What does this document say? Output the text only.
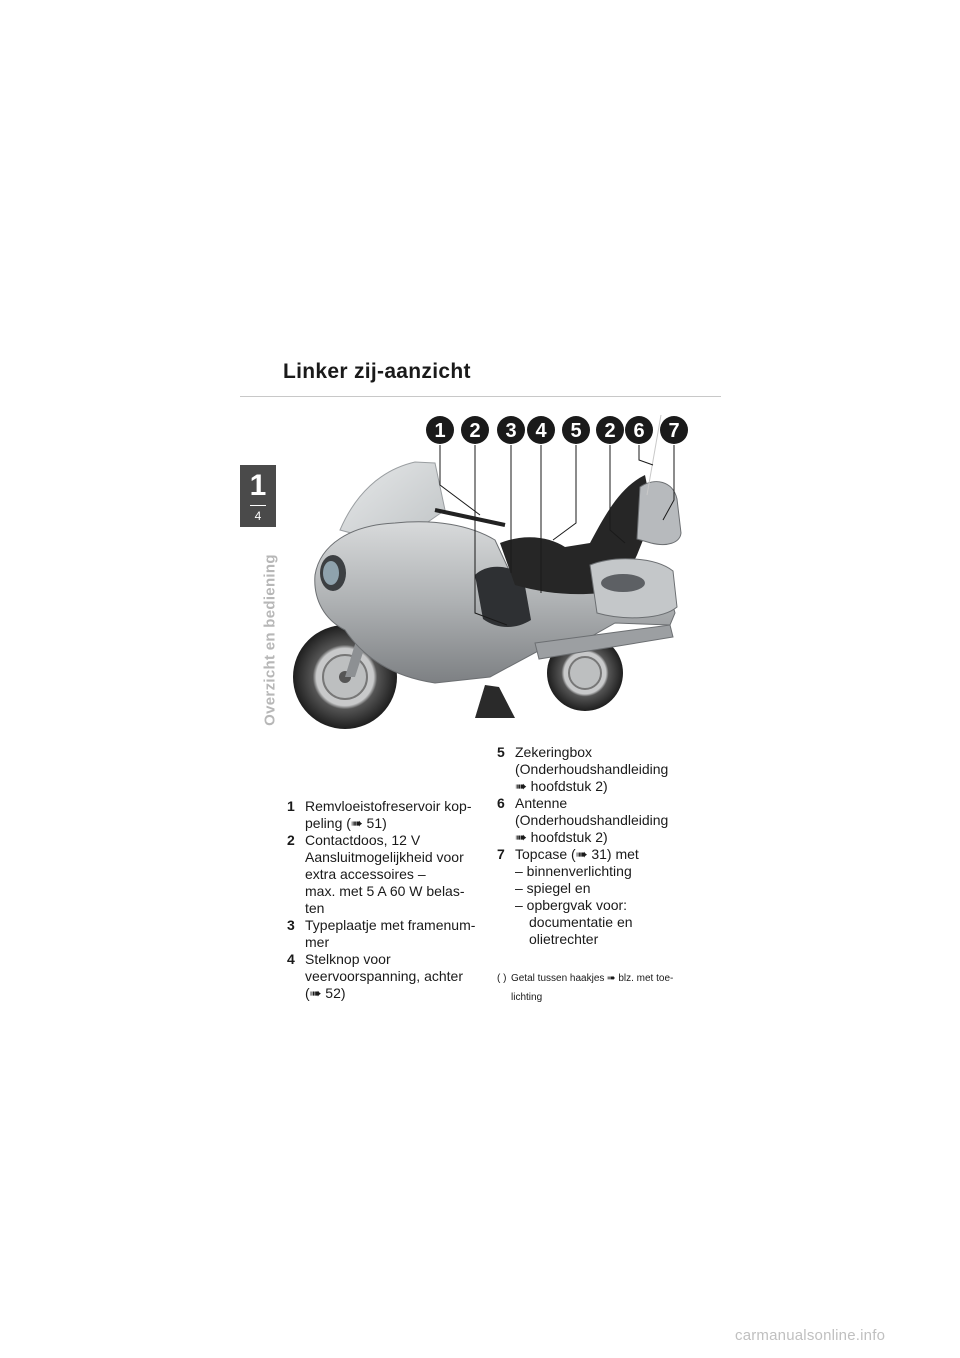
Linker zij-aanzicht
1
4
Overzicht en bediening
1 2 3 4 5 2 6 7
1 Remvloeistofreservoir kop-
peling (➠ 51)
2 Contactdoos, 12 V
Aansluitmogelijkheid voor
extra accessoires –
max. met 5 A 60 W belas-
ten
3 Typeplaatje met framenum-
mer
4 Stelknop voor
veervoorspanning, achter
(➠ 52)
5 Zekeringbox
(Onderhoudshandleiding
➠ hoofdstuk 2)
6 Antenne
(Onderhoudshandleiding
➠ hoofdstuk 2)
7 Topcase (➠ 31) met
– binnenverlichting
– spiegel en
– opbergvak voor:
documentatie en
olietrechter
( ) Getal tussen haakjes ➠ blz. met toe-
lichting
carmanualsonline.info
